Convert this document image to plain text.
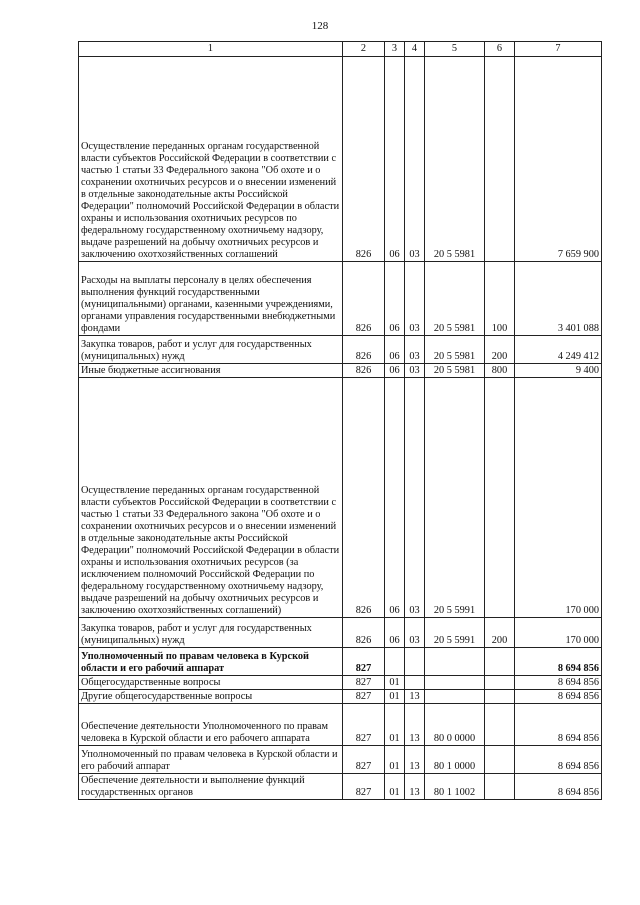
128
1	2	3	4	5	6	7
Осуществление переданных органам государственной власти субъектов Российской Федерации в соответствии с частью 1 статьи 33 Федерального закона "Об охоте и о сохранении охотничьих ресурсов и о внесении изменений в отдельные законодательные акты Российской Федерации" полномочий Российской Федерации в области охраны и использования охотничьих ресурсов по федеральному государственному охотничьему надзору, выдаче разрешений на добычу охотничьих ресурсов и заключению охотхозяйственных соглашений	826	06	03	20 5 5981		7 659 900
Расходы на выплаты персоналу в целях обеспечения выполнения функций государственными (муниципальными) органами, казенными учреждениями, органами управления государственными внебюджетными фондами	826	06	03	20 5 5981	100	3 401 088
Закупка товаров, работ и услуг для государственных (муниципальных) нужд	826	06	03	20 5 5981	200	4 249 412
Иные бюджетные ассигнования	826	06	03	20 5 5981	800	9 400
Осуществление переданных органам государственной власти субъектов Российской Федерации в соответствии с частью 1 статьи 33 Федерального закона "Об охоте и о сохранении охотничьих ресурсов и о внесении изменений в отдельные законодательные акты Российской Федерации" полномочий Российской Федерации в области охраны и использования охотничьих ресурсов (за исключением полномочий Российской Федерации по федеральному государственному охотничьему надзору, выдаче разрешений на добычу охотничьих ресурсов и заключению охотхозяйственных соглашений)	826	06	03	20 5 5991		170 000
Закупка товаров, работ и услуг для государственных (муниципальных) нужд	826	06	03	20 5 5991	200	170 000
Уполномоченный по правам человека в Курской области и его рабочий аппарат	827					8 694 856
Общегосударственные вопросы	827	01				8 694 856
Другие общегосударственные вопросы	827	01	13			8 694 856
Обеспечение деятельности Уполномоченного по правам человека в Курской области и его рабочего аппарата	827	01	13	80 0 0000		8 694 856
Уполномоченный по правам человека в Курской области и его рабочий аппарат	827	01	13	80 1 0000		8 694 856
Обеспечение деятельности и выполнение функций государственных органов	827	01	13	80 1 1002		8 694 856
